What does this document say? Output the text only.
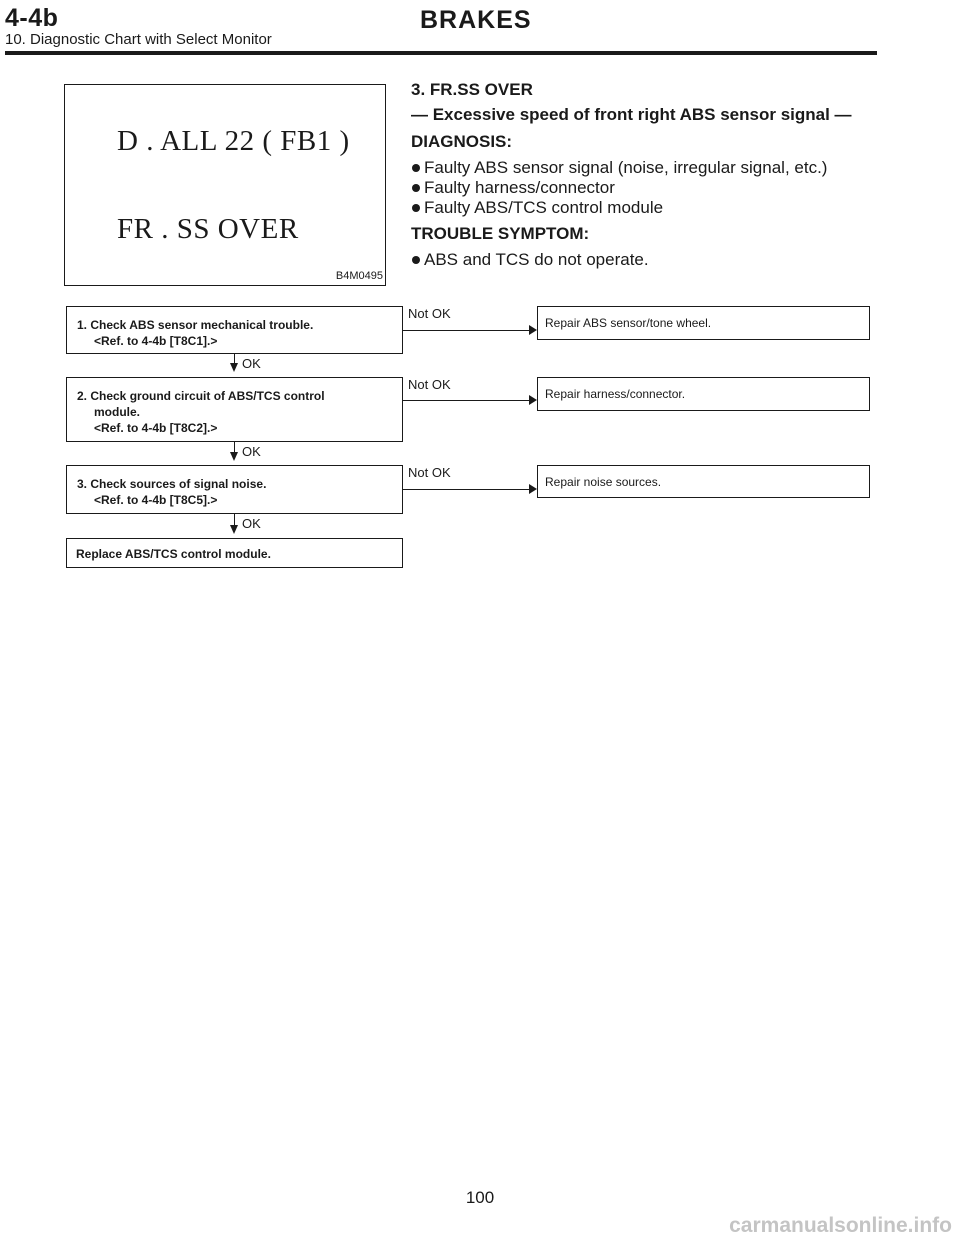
4-4b	BRAKES
10. Diagnostic Chart with Select Monitor
D . ALL 22 ( FB1 )
FR . SS OVER
B4M0495

3. FR.SS OVER

— Excessive speed of front right ABS sensor signal —

DIAGNOSIS:

Faulty ABS sensor signal (noise, irregular signal, etc.)

Faulty harness/connector

Faulty ABS/TCS control module

TROUBLE SYMPTOM:

ABS and TCS do not operate.

1. Check ABS sensor mechanical trouble.
<Ref. to 4-4b [T8C1].>
Not OK
Repair ABS sensor/tone wheel.
OK
2. Check ground circuit of ABS/TCS control
module.
<Ref. to 4-4b [T8C2].>
Not OK
Repair harness/connector.
OK
3. Check sources of signal noise.
<Ref. to 4-4b [T8C5].>
Not OK
Repair noise sources.
OK
Replace ABS/TCS control module.
100
carmanualsonline.info
